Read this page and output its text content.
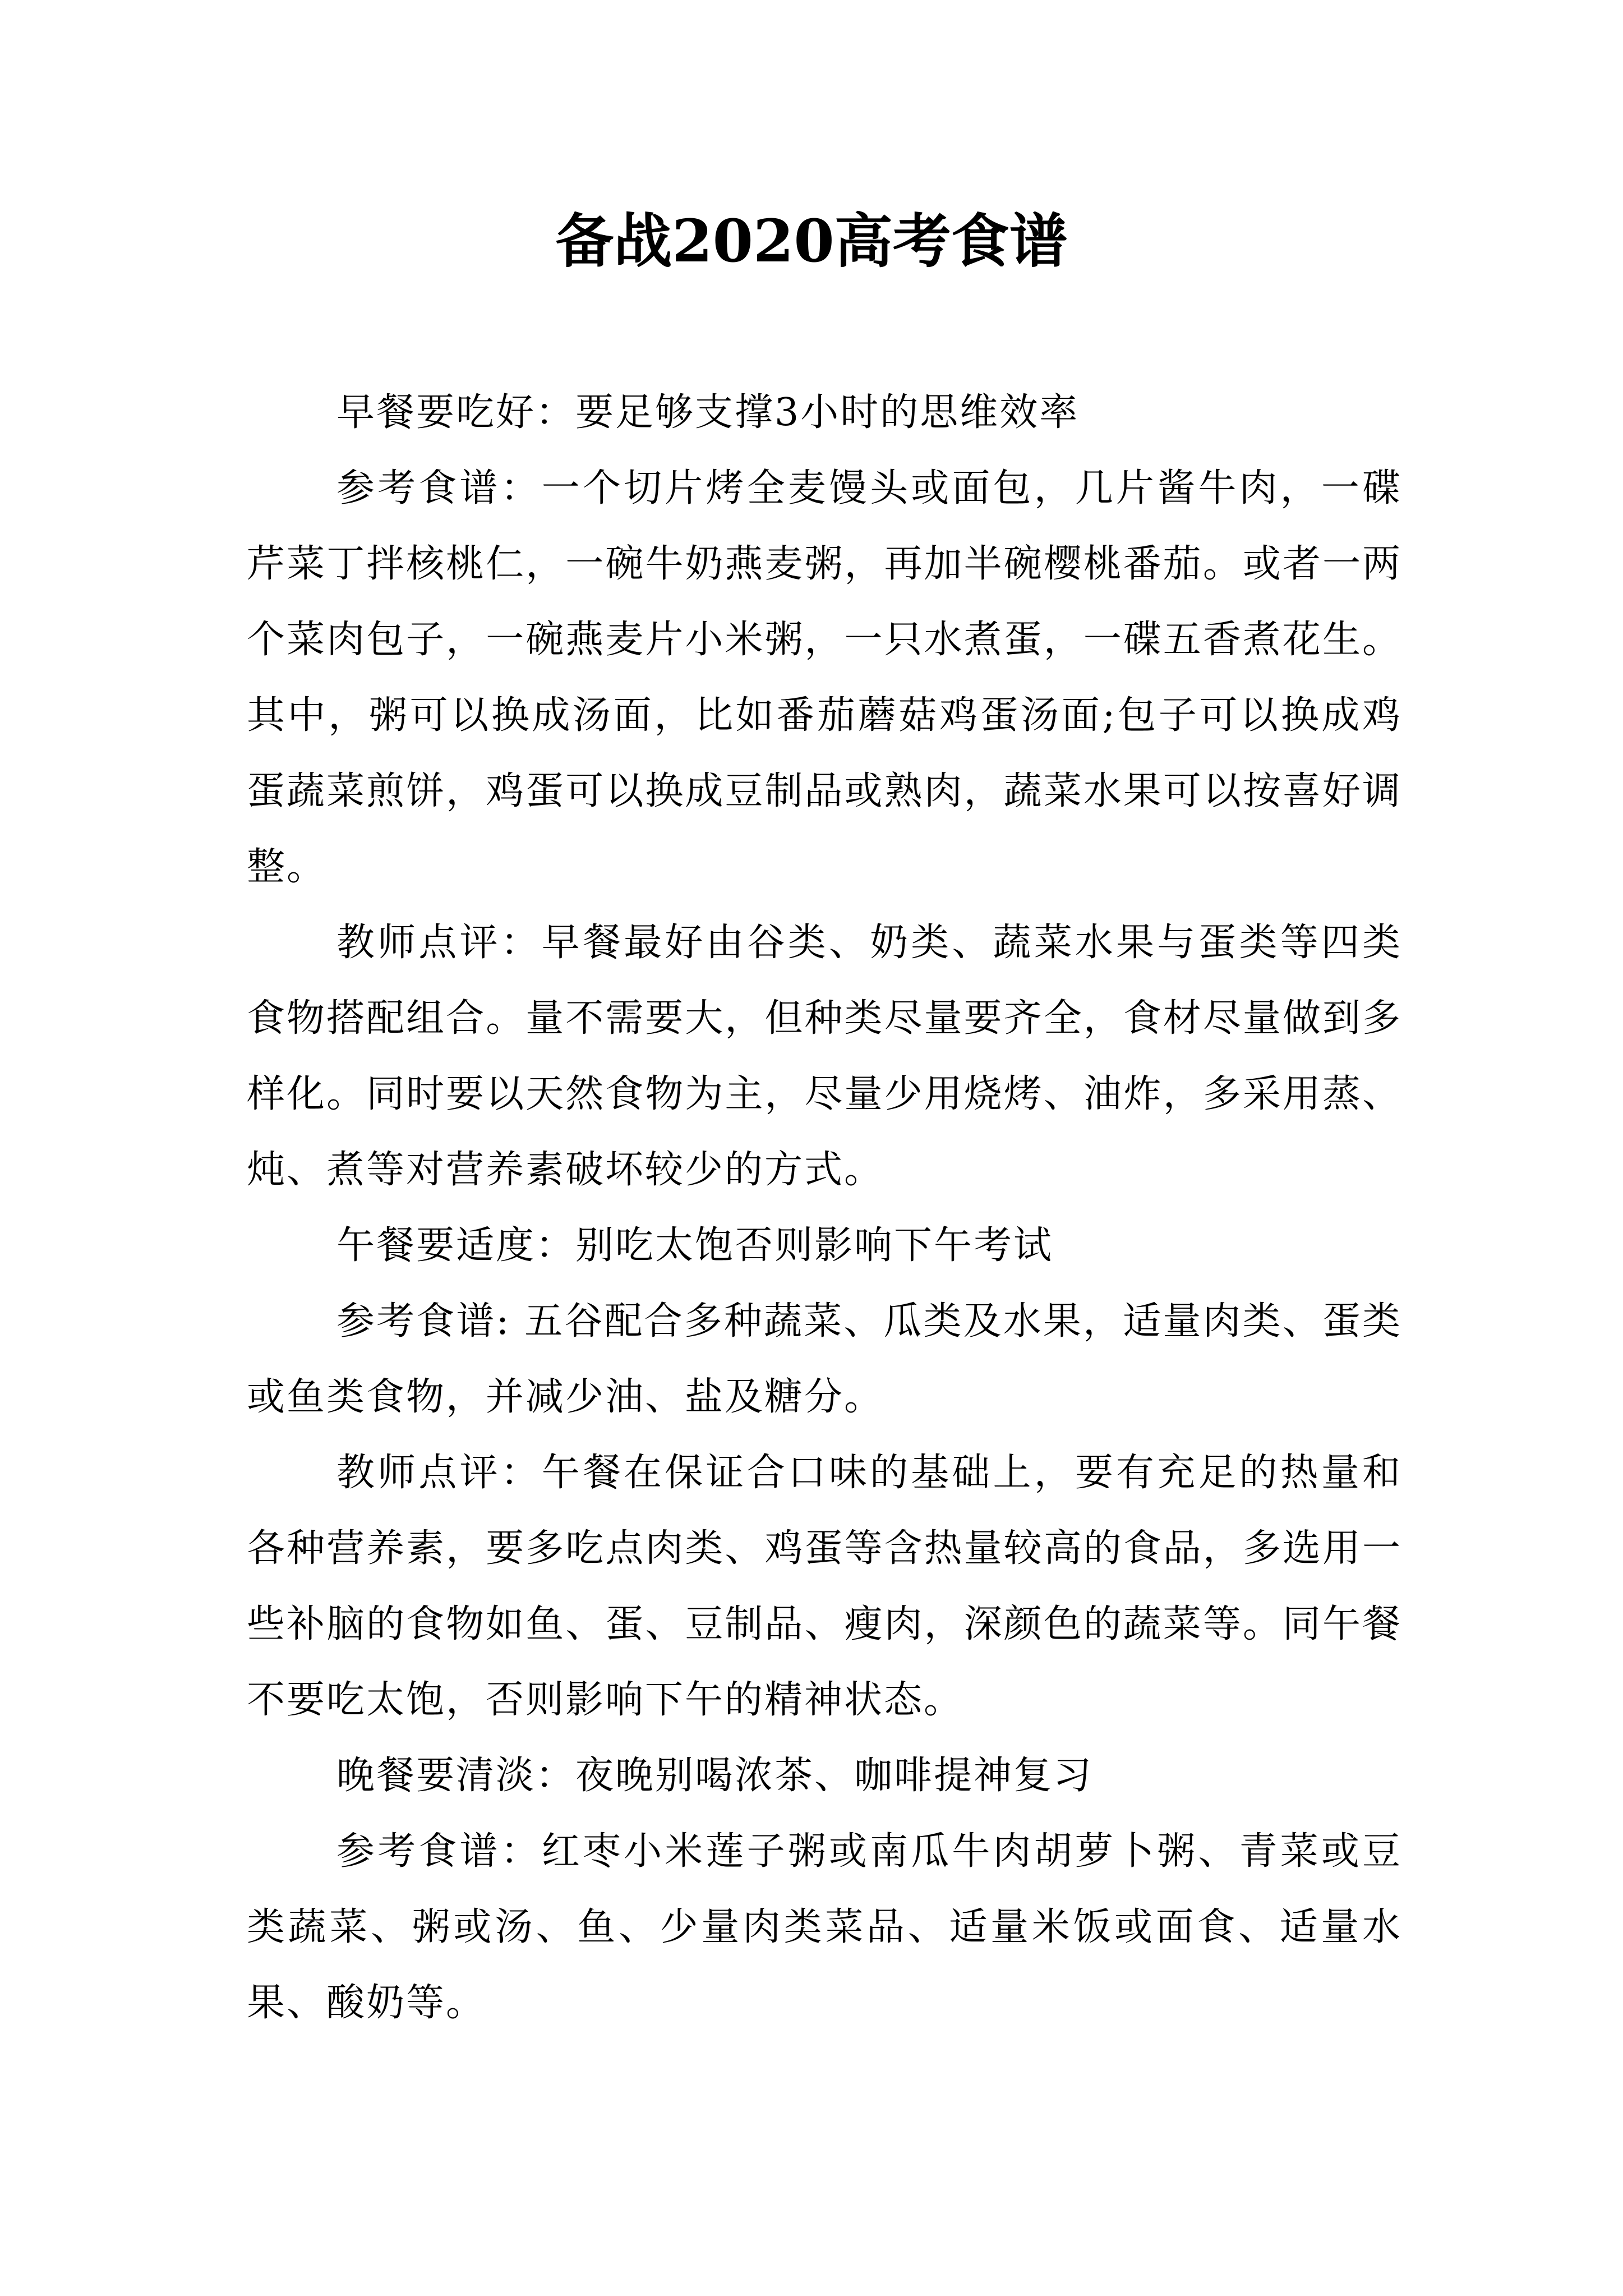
备战2020高考食谱

早餐要吃好：要足够支撑3小时的思维效率

参考食谱：一个切片烤全麦馒头或面包，几片酱牛肉，一碟芹菜丁拌核桃仁，一碗牛奶燕麦粥，再加半碗樱桃番茄。或者一两个菜肉包子，一碗燕麦片小米粥，一只水煮蛋，一碟五香煮花生。其中，粥可以换成汤面，比如番茄蘑菇鸡蛋汤面;包子可以换成鸡蛋蔬菜煎饼，鸡蛋可以换成豆制品或熟肉，蔬菜水果可以按喜好调整。

教师点评：早餐最好由谷类、奶类、蔬菜水果与蛋类等四类食物搭配组合。量不需要大，但种类尽量要齐全，食材尽量做到多样化。同时要以天然食物为主，尽量少用烧烤、油炸，多采用蒸、炖、煮等对营养素破坏较少的方式。

午餐要适度：别吃太饱否则影响下午考试

参考食谱: 五谷配合多种蔬菜、瓜类及水果，适量肉类、蛋类或鱼类食物，并减少油、盐及糖分。

教师点评：午餐在保证合口味的基础上，要有充足的热量和各种营养素，要多吃点肉类、鸡蛋等含热量较高的食品，多选用一些补脑的食物如鱼、蛋、豆制品、瘦肉，深颜色的蔬菜等。同午餐不要吃太饱，否则影响下午的精神状态。

晚餐要清淡：夜晚别喝浓茶、咖啡提神复习

参考食谱：红枣小米莲子粥或南瓜牛肉胡萝卜粥、青菜或豆类蔬菜、粥或汤、鱼、少量肉类菜品、适量米饭或面食、适量水果、酸奶等。
